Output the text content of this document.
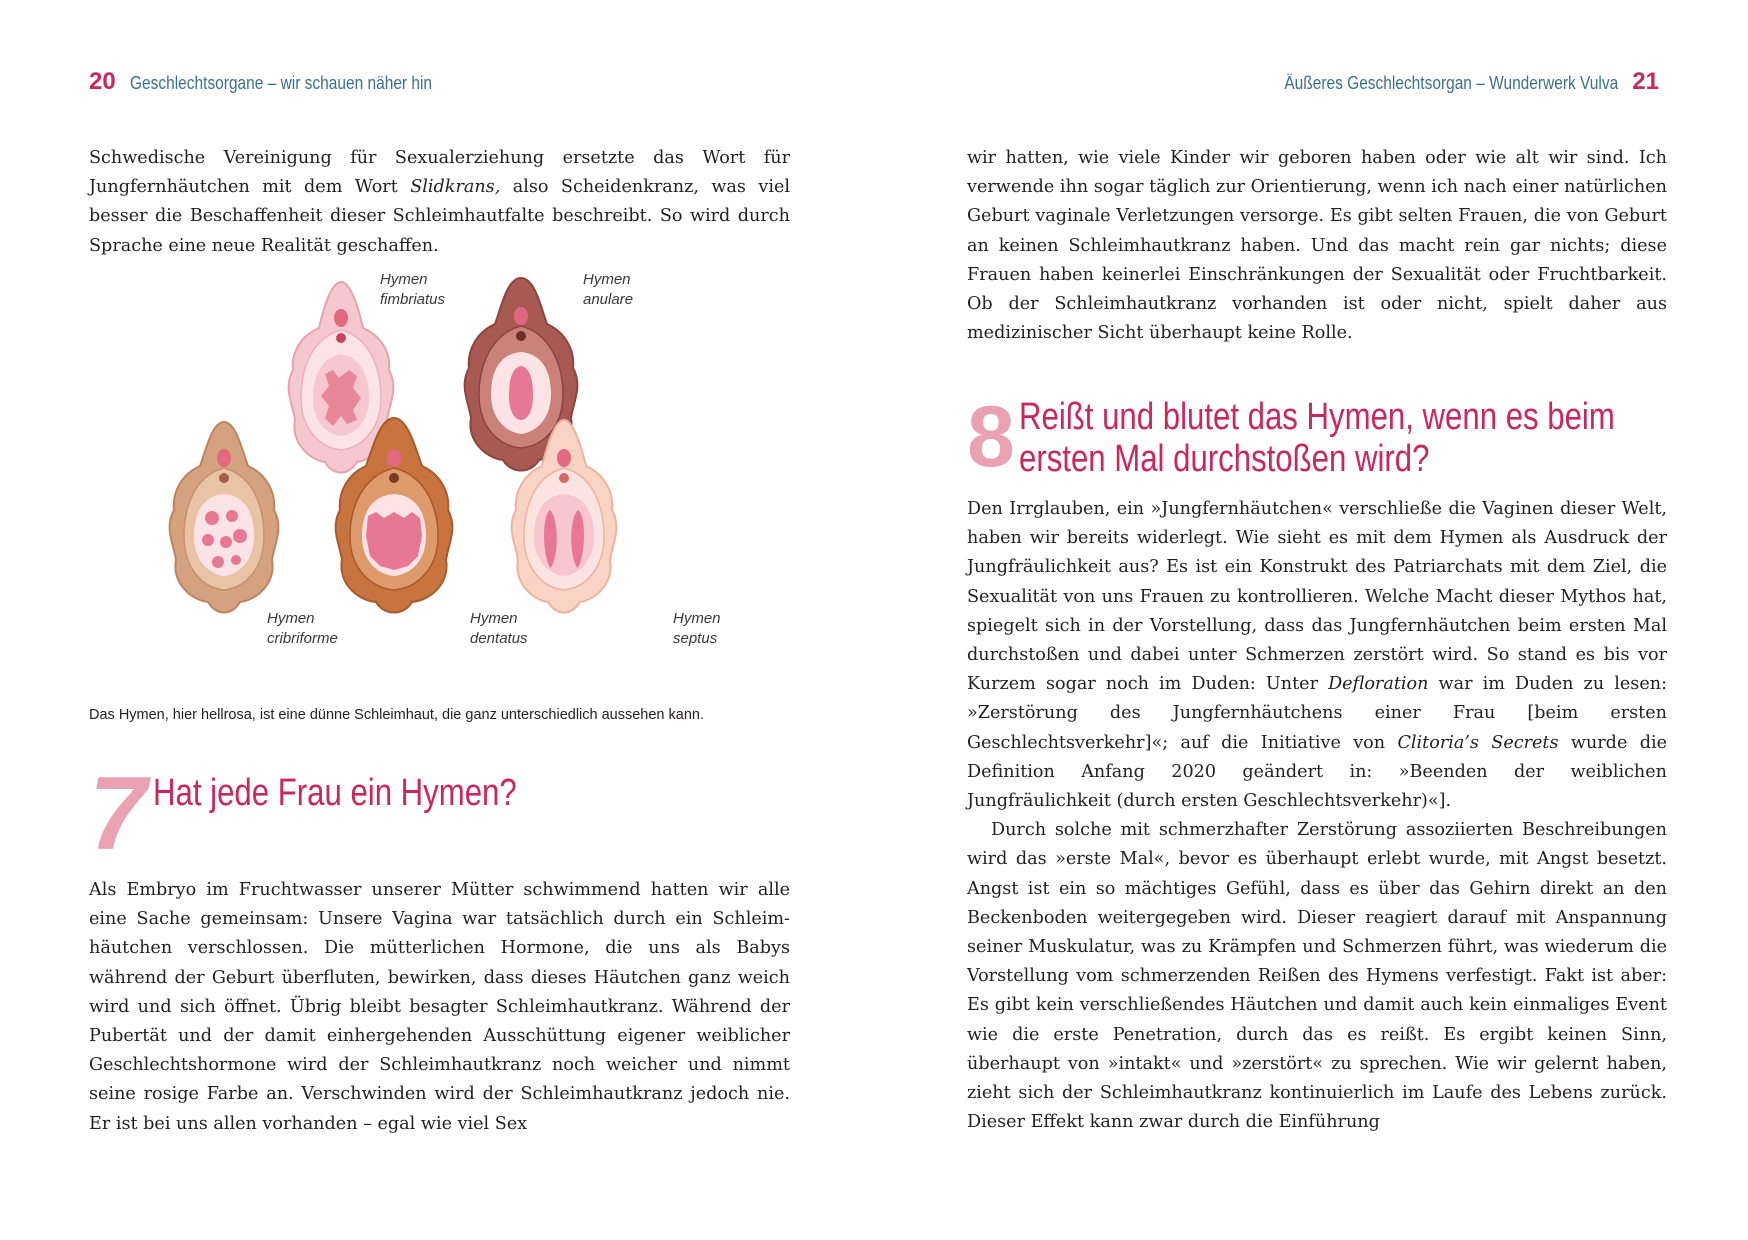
20 Geschlechtsorgane – wir schauen näher hin

Schwedische Vereinigung für Sexualerziehung ersetzte das Wort für Jungfernhäutchen mit dem Wort Slidkrans, also Scheidenkranz, was viel besser die Beschaffenheit dieser Schleimhautfalte beschreibt. So wird durch Sprache eine neue Realität geschaffen.

Hymen
fimbriatus
Hymen
anulare
Hymen
cribriforme
Hymen
dentatus
Hymen
septus
Das Hymen, hier hellrosa, ist eine dünne Schleimhaut, die ganz unterschiedlich aussehen kann.
7 Hat jede Frau ein Hymen?

Als Embryo im Fruchtwasser unserer Mütter schwimmend hatten wir alle eine Sache gemeinsam: Unsere Vagina war tatsächlich durch ein Schleimhäutchen verschlossen. Die mütterlichen Hormone, die uns als Babys während der Geburt überfluten, bewirken, dass dieses Häutchen ganz weich wird und sich öffnet. Übrig bleibt besagter Schleimhautkranz. Während der Pubertät und der damit einhergehenden Ausschüttung eigener weiblicher Geschlechtshormone wird der Schleimhautkranz noch weicher und nimmt seine rosige Farbe an. Verschwinden wird der Schleimhautkranz jedoch nie. Er ist bei uns allen vorhanden – egal wie viel Sex

Äußeres Geschlechtsorgan – Wunderwerk Vulva 21

wir hatten, wie viele Kinder wir geboren haben oder wie alt wir sind. Ich verwende ihn sogar täglich zur Orientierung, wenn ich nach einer natürlichen Geburt vaginale Verletzungen versorge. Es gibt selten Frauen, die von Geburt an keinen Schleimhautkranz haben. Und das macht rein gar nichts; diese Frauen haben keinerlei Einschränkungen der Sexualität oder Fruchtbarkeit. Ob der Schleimhautkranz vorhanden ist oder nicht, spielt daher aus medizinischer Sicht überhaupt keine Rolle.

8 Reißt und blutet das Hymen, wenn es beim
ersten Mal durchstoßen wird?

Den Irrglauben, ein »Jungfernhäutchen« verschließe die Vaginen dieser Welt, haben wir bereits widerlegt. Wie sieht es mit dem Hymen als Ausdruck der Jungfräulichkeit aus? Es ist ein Konstrukt des Patriarchats mit dem Ziel, die Sexualität von uns Frauen zu kontrollieren. Welche Macht dieser Mythos hat, spiegelt sich in der Vorstellung, dass das Jungfernhäutchen beim ersten Mal durchstoßen und dabei unter Schmerzen zerstört wird. So stand es bis vor Kurzem sogar noch im Duden: Unter Defloration war im Duden zu lesen: »Zerstörung des Jungfernhäutchens einer Frau [beim ersten Geschlechtsverkehr]«; auf die Initiative von Clitoria’s Secrets wurde die Definition Anfang 2020 geändert in: »Beenden der weiblichen Jungfräulichkeit (durch ersten Geschlechtsverkehr)«].

Durch solche mit schmerzhafter Zerstörung assoziierten Beschreibungen wird das »erste Mal«, bevor es überhaupt erlebt wurde, mit Angst besetzt. Angst ist ein so mächtiges Gefühl, dass es über das Gehirn direkt an den Beckenboden weitergegeben wird. Dieser reagiert darauf mit Anspannung seiner Muskulatur, was zu Krämpfen und Schmerzen führt, was wiederum die Vorstellung vom schmerzenden Reißen des Hymens verfestigt. Fakt ist aber: Es gibt kein verschließendes Häutchen und damit auch kein einmaliges Event wie die erste Penetration, durch das es reißt. Es ergibt keinen Sinn, überhaupt von »intakt« und »zerstört« zu sprechen. Wie wir gelernt haben, zieht sich der Schleimhautkranz kontinuierlich im Laufe des Lebens zurück. Dieser Effekt kann zwar durch die Einführung
